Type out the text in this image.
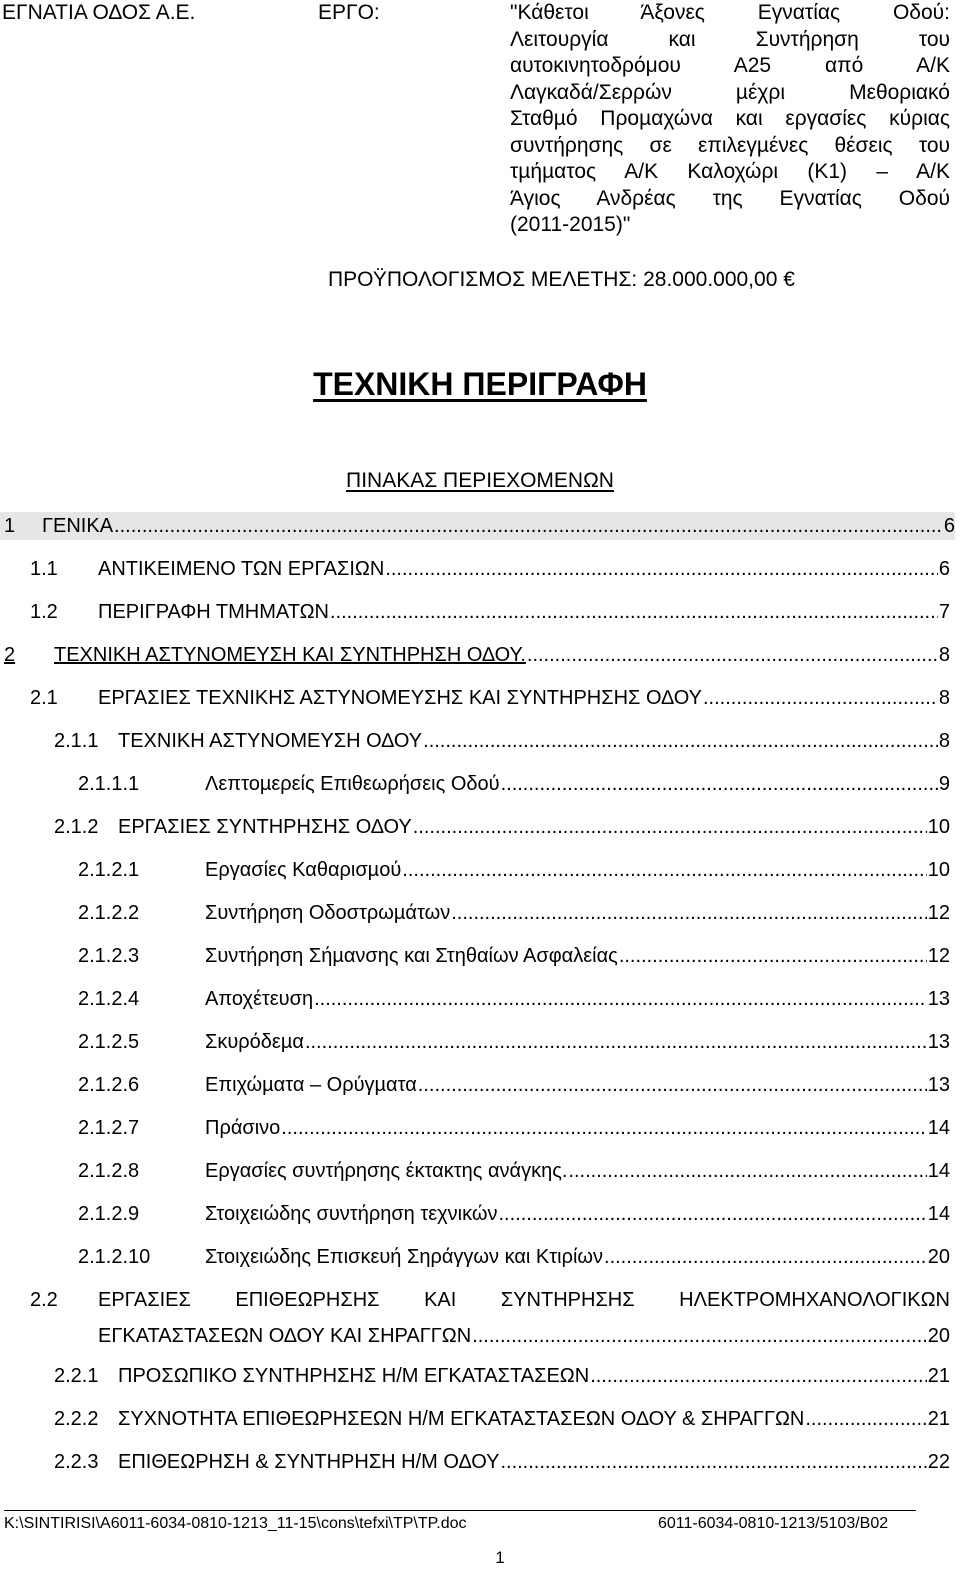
ΕΓΝΑΤΙΑ Ο∆ΟΣ Α.Ε.	ΕΡΓΟ:	"Κάθετοι Άξονες Εγνατίας Οδού:
Λειτουργία και Συντήρηση του
αυτοκινητοδρόμου Α25 από Α/Κ
Λαγκαδά/Σερρών µέχρι Μεθοριακό
Σταθµό Προµαχώνα και εργασίες κύριας
συντήρησης σε επιλεγµένες θέσεις του
τµήµατος Α/Κ Καλοχώρι (Κ1) – Α/Κ
Άγιος Ανδρέας της Εγνατίας Οδού
(2011-2015)"
ΠΡΟΫΠΟΛΟΓΙΣΜΟΣ ΜΕΛΕΤΗΣ: 28.000.000,00 €
ΤΕΧΝΙΚΗ ΠΕΡΙΓΡΑΦΗ
ΠΙΝΑΚΑΣ ΠΕΡΙΕΧΟΜΕΝΩΝ
1	ΓΕΝΙΚΑ .....	6
1.1	ΑΝΤΙΚΕΙΜΕΝΟ ΤΩΝ ΕΡΓΑΣΙΩΝ .....	6
1.2	ΠΕΡΙΓΡΑΦΗ ΤΜΗΜΑΤΩΝ .....	7
2	ΤΕΧΝΙΚΗ ΑΣΤΥΝΟΜΕΥΣΗ ΚΑΙ ΣΥΝΤΗΡΗΣΗ Ο∆ΟΥ. .....	8
2.1	ΕΡΓΑΣΙΕΣ ΤΕΧΝΙΚΗΣ ΑΣΤΥΝΟΜΕΥΣΗΣ ΚΑΙ ΣΥΝΤΗΡΗΣΗΣ Ο∆ΟΥ .....	8
2.1.1 ΤΕΧΝΙΚΗ ΑΣΤΥΝΟΜΕΥΣΗ Ο∆ΟΥ .....	8
2.1.1.1	Λεπτοµερείς Επιθεωρήσεις Οδού .....	9
2.1.2 ΕΡΓΑΣΙΕΣ ΣΥΝΤΗΡΗΣΗΣ Ο∆ΟΥ .....	10
2.1.2.1	Εργασίες Καθαρισµού .....	10
2.1.2.2	Συντήρηση Οδοστρωµάτων .....	12
2.1.2.3	Συντήρηση Σήµανσης και Στηθαίων Ασφαλείας .....	12
2.1.2.4	Αποχέτευση .....	13
2.1.2.5	Σκυρόδεµα .....	13
2.1.2.6	Επιχώµατα – Ορύγµατα .....	13
2.1.2.7	Πράσινο .....	14
2.1.2.8	Εργασίες συντήρησης έκτακτης ανάγκης. .....	14
2.1.2.9	Στοιχειώδης συντήρηση τεχνικών .....	14
2.1.2.10	Στοιχειώδης Επισκευή Σηράγγων και Κτιρίων .....	20
2.2 ΕΡΓΑΣΙΕΣ ΕΠΙΘΕΩΡΗΣΗΣ ΚΑΙ ΣΥΝΤΗΡΗΣΗΣ ΗΛΕΚΤΡΟΜΗΧΑΝΟΛΟΓΙΚΩΝ
ΕΓΚΑΤΑΣΤΑΣΕΩΝ Ο∆ΟΥ ΚΑΙ ΣΗΡΑΓΓΩΝ .....	20
2.2.1 ΠΡΟΣΩΠΙΚΟ ΣΥΝΤΗΡΗΣΗΣ Η/Μ ΕΓΚΑΤΑΣΤΑΣΕΩΝ .....	21
2.2.2 ΣΥΧΝΟΤΗΤΑ ΕΠΙΘΕΩΡΗΣΕΩΝ Η/Μ ΕΓΚΑΤΑΣΤΑΣΕΩΝ Ο∆ΟΥ & ΣΗΡΑΓΓΩΝ .....	21
2.2.3 ΕΠΙΘΕΩΡΗΣΗ & ΣΥΝΤΗΡΗΣΗ Η/Μ Ο∆ΟΥ .....	22
K:\SINTIRISI\A6011-6034-0810-1213_11-15\cons\tefxi\TP\TP.doc	6011-6034-0810-1213/5103/B02
1
